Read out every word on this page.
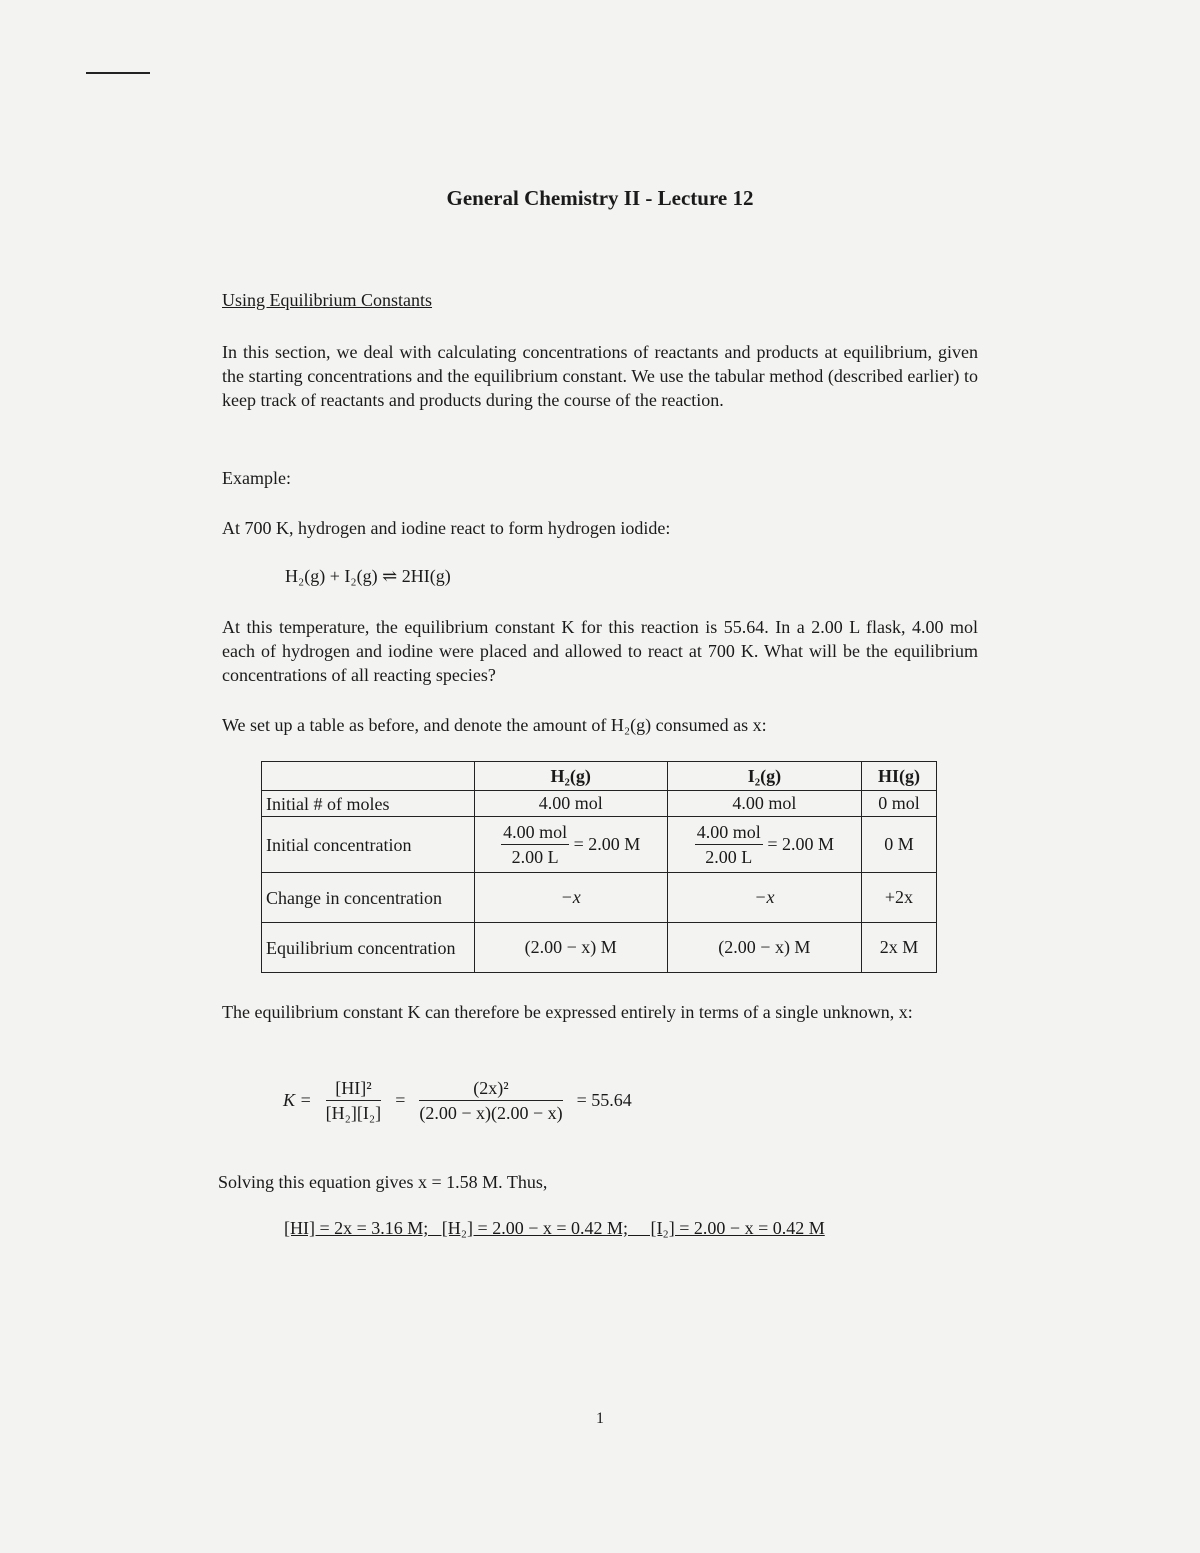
General Chemistry II - Lecture 12
Using Equilibrium Constants
In this section, we deal with calculating concentrations of reactants and products at equilibrium, given the starting concentrations and the equilibrium constant. We use the tabular method (described earlier) to keep track of reactants and products during the course of the reaction.
Example:
At 700 K, hydrogen and iodine react to form hydrogen iodide:
H₂(g) + I₂(g) ⇌ 2HI(g)
At this temperature, the equilibrium constant K for this reaction is 55.64. In a 2.00 L flask, 4.00 mol each of hydrogen and iodine were placed and allowed to react at 700 K. What will be the equilibrium concentrations of all reacting species?
We set up a table as before, and denote the amount of H₂(g) consumed as x:
	H₂(g)	I₂(g)	HI(g)
Initial # of moles	4.00 mol	4.00 mol	0 mol
Initial concentration	$\frac{\text{4.00 mol}}{2.00 L} = 2.00$ M	$\frac{\text{4.00 mol}}{2.00 L} = 2.00$ M	0 M
Change in concentration	−x	−x	+2x
Equilibrium concentration	(2.00 − x) M	(2.00 − x) M	2x M
The equilibrium constant K can therefore be expressed entirely in terms of a single unknown, x:
$K = \frac{\text{[HI]²}}{\text{[H₂][I₂]}} = \frac{\text{(2x)²}}{(2.00 - x)(2.00 - x)} = 55.64$
Solving this equation gives x = 1.58 M. Thus,
[HI] = 2x = 3.16 M;   [H₂] = 2.00 − x = 0.42 M;     [I₂] = 2.00 − x = 0.42 M
1
